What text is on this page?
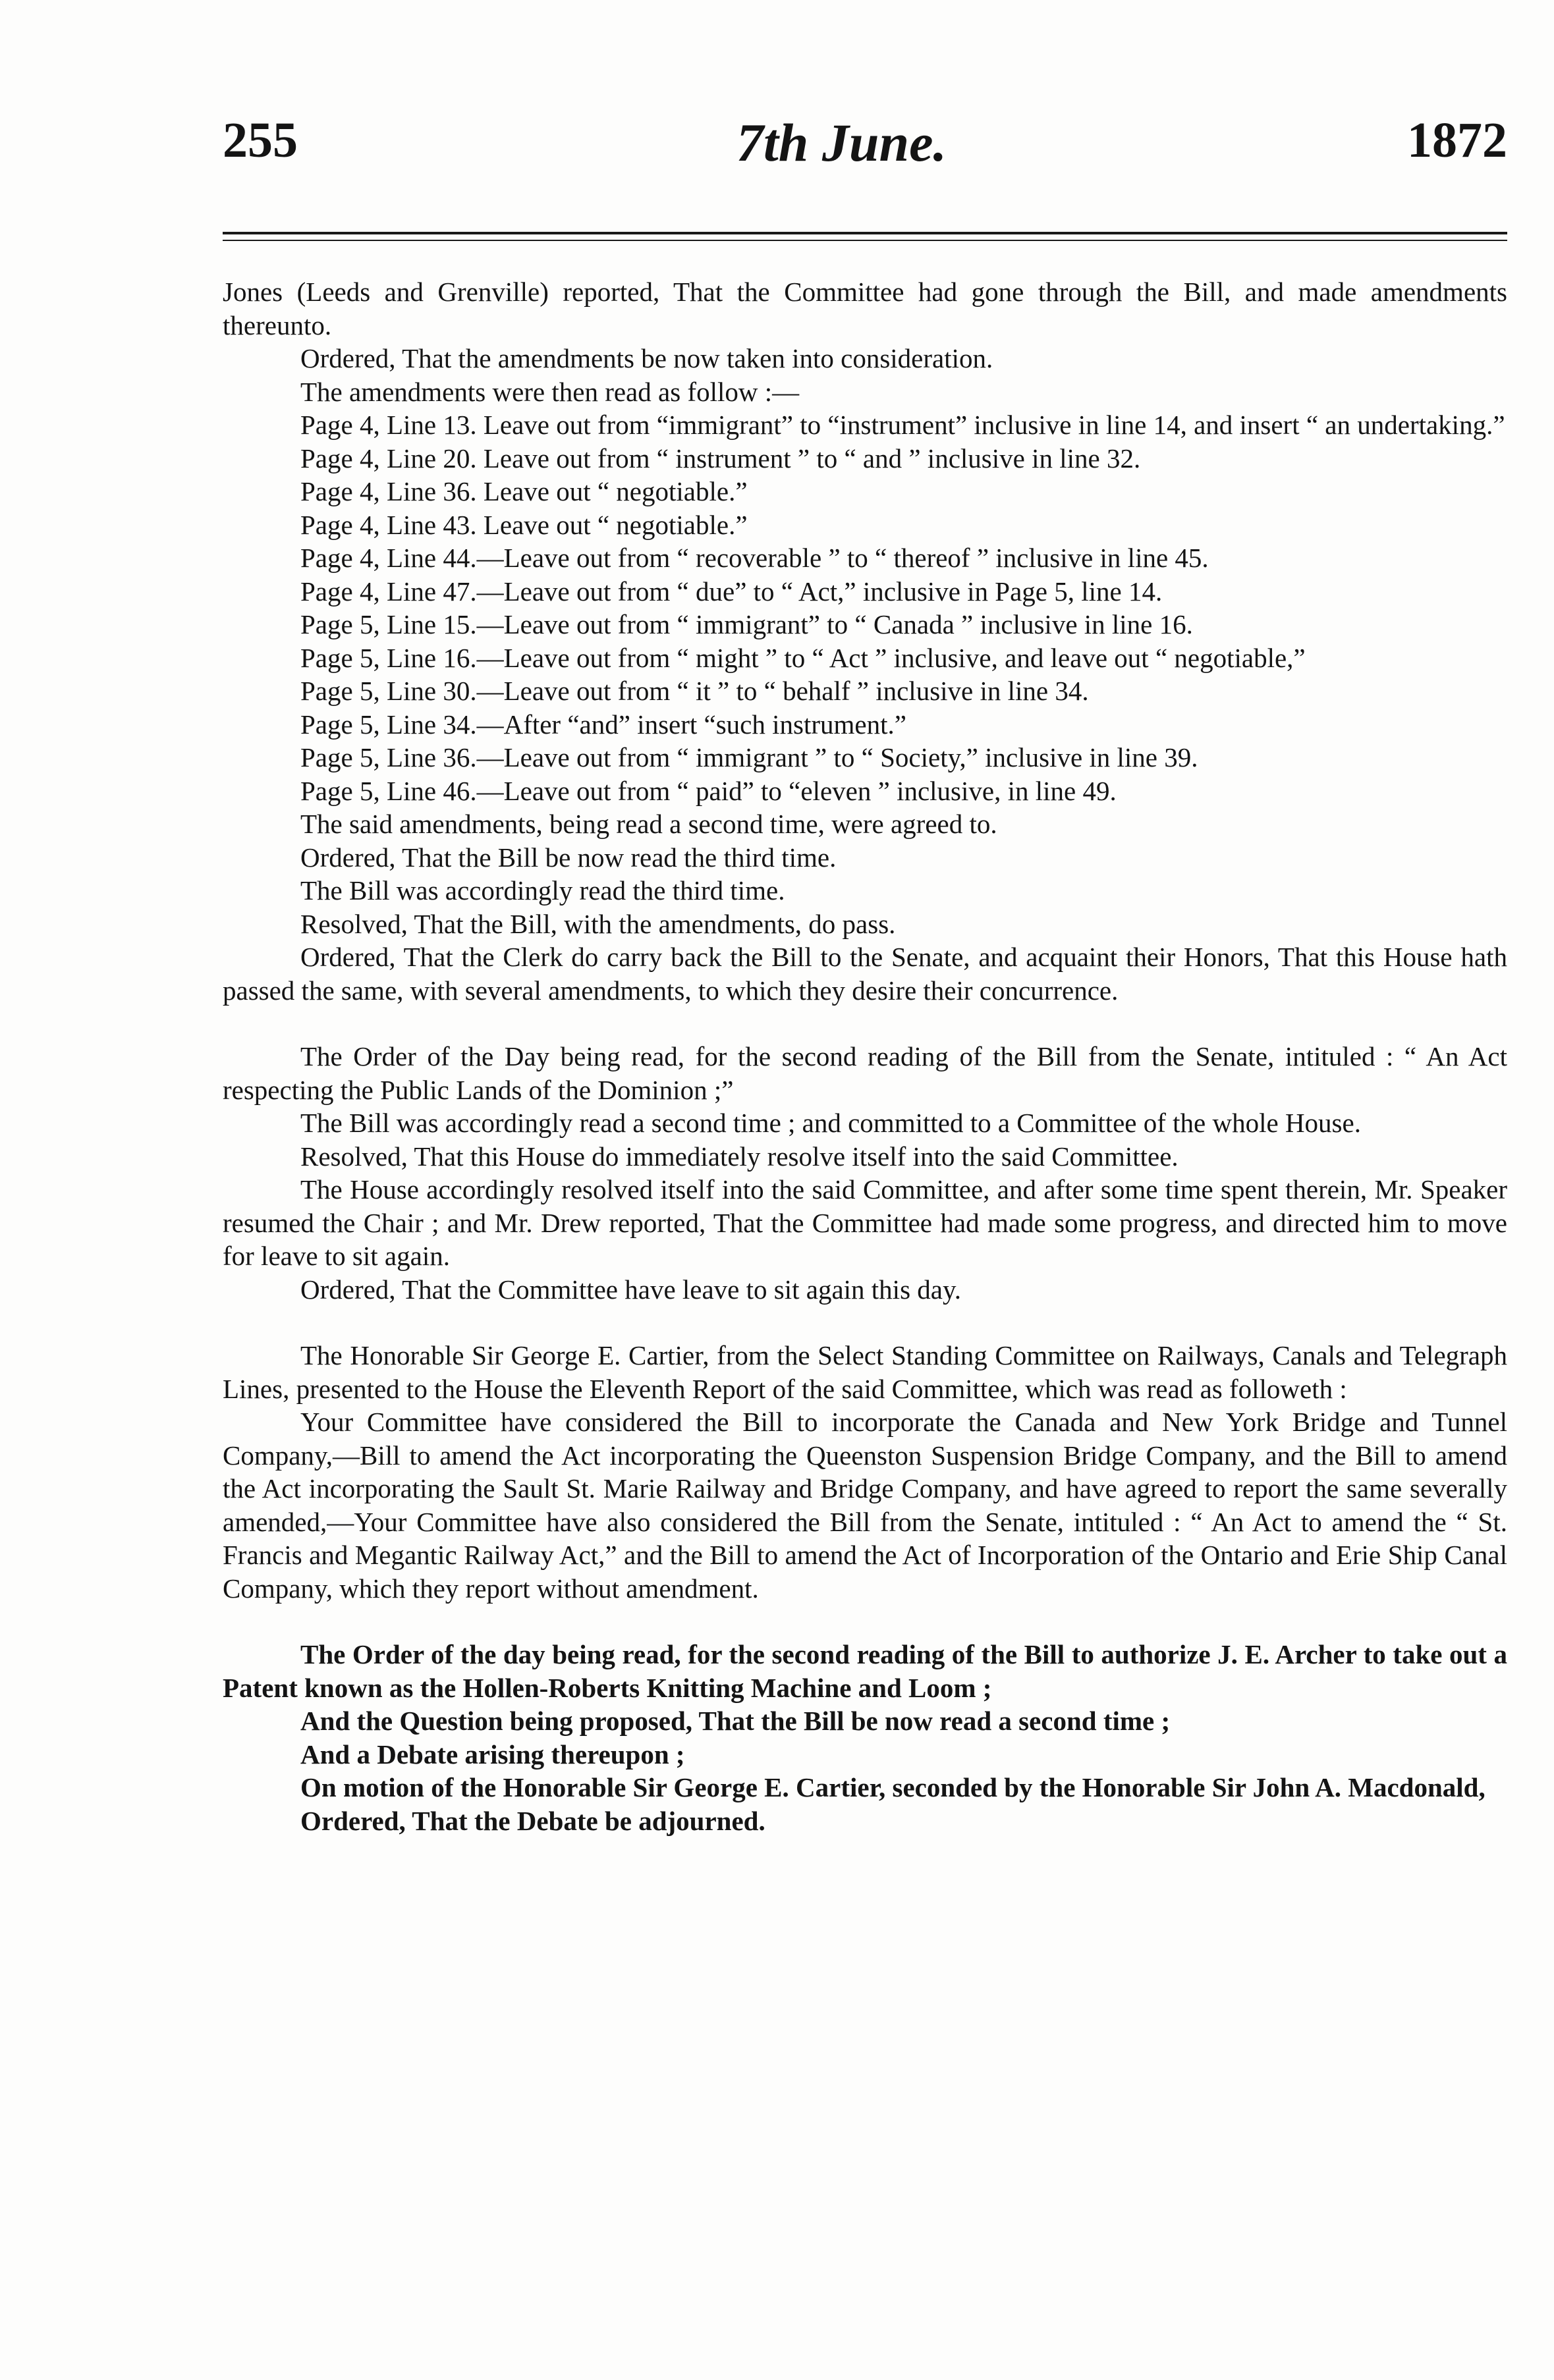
255	7th June.	1872

Jones (Leeds and Grenville) reported, That the Committee had gone through the Bill, and made amendments thereunto.

Ordered, That the amendments be now taken into consideration.

The amendments were then read as follow :—

Page 4, Line 13. Leave out from “immigrant” to “instrument” inclusive in line 14, and insert “ an undertaking.”

Page 4, Line 20. Leave out from “ instrument ” to “ and ” inclusive in line 32.

Page 4, Line 36. Leave out “ negotiable.”

Page 4, Line 43. Leave out “ negotiable.”

Page 4, Line 44.—Leave out from “ recoverable ” to “ thereof ” inclusive in line 45.

Page 4, Line 47.—Leave out from “ due” to “ Act,” inclusive in Page 5, line 14.

Page 5, Line 15.—Leave out from “ immigrant” to “ Canada ” inclusive in line 16.

Page 5, Line 16.—Leave out from “ might ” to “ Act ” inclusive, and leave out “ negotiable,”

Page 5, Line 30.—Leave out from “ it ” to “ behalf ” inclusive in line 34.

Page 5, Line 34.—After “and” insert “such instrument.”

Page 5, Line 36.—Leave out from “ immigrant ” to “ Society,” inclusive in line 39.

Page 5, Line 46.—Leave out from “ paid” to “eleven ” inclusive, in line 49.

The said amendments, being read a second time, were agreed to.

Ordered, That the Bill be now read the third time.

The Bill was accordingly read the third time.

Resolved, That the Bill, with the amendments, do pass.

Ordered, That the Clerk do carry back the Bill to the Senate, and acquaint their Honors, That this House hath passed the same, with several amendments, to which they desire their concurrence.

The Order of the Day being read, for the second reading of the Bill from the Senate, intituled : “ An Act respecting the Public Lands of the Dominion ;”

The Bill was accordingly read a second time ; and committed to a Committee of the whole House.

Resolved, That this House do immediately resolve itself into the said Committee.

The House accordingly resolved itself into the said Committee, and after some time spent therein, Mr. Speaker resumed the Chair ; and Mr. Drew reported, That the Committee had made some progress, and directed him to move for leave to sit again.

Ordered, That the Committee have leave to sit again this day.

The Honorable Sir George E. Cartier, from the Select Standing Committee on Railways, Canals and Telegraph Lines, presented to the House the Eleventh Report of the said Committee, which was read as followeth :

Your Committee have considered the Bill to incorporate the Canada and New York Bridge and Tunnel Company,—Bill to amend the Act incorporating the Queenston Suspension Bridge Company, and the Bill to amend the Act incorporating the Sault St. Marie Railway and Bridge Company, and have agreed to report the same severally amended,—Your Committee have also considered the Bill from the Senate, intituled : “ An Act to amend the “ St. Francis and Megantic Railway Act,” and the Bill to amend the Act of Incorporation of the Ontario and Erie Ship Canal Company, which they report without amendment.

The Order of the day being read, for the second reading of the Bill to authorize J. E. Archer to take out a Patent known as the Hollen-Roberts Knitting Machine and Loom ;

And the Question being proposed, That the Bill be now read a second time ;

And a Debate arising thereupon ;

On motion of the Honorable Sir George E. Cartier, seconded by the Honorable Sir John A. Macdonald,

Ordered, That the Debate be adjourned.
